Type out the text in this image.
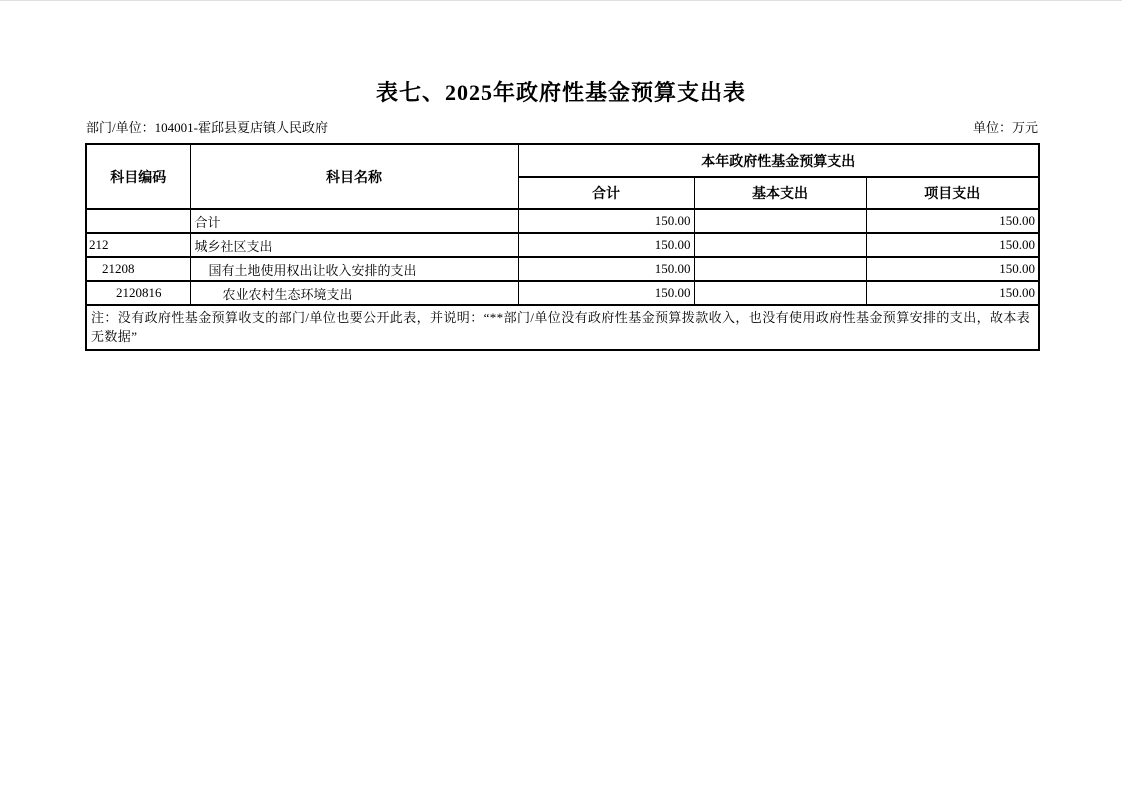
表七、2025年政府性基金预算支出表
部门/单位：104001-霍邱县夏店镇人民政府	单位：万元
科目编码	科目名称	本年政府性基金预算支出		
		合计	基本支出	项目支出
	合计	150.00		150.00
212	城乡社区支出	150.00		150.00
21208	国有土地使用权出让收入安排的支出	150.00		150.00
2120816	农业农村生态环境支出	150.00		150.00
注：没有政府性基金预算收支的部门/单位也要公开此表，并说明：“**部门/单位没有政府性基金预算拨款收入，也没有使用政府性基金预算安排的支出，故本表无数据”				
